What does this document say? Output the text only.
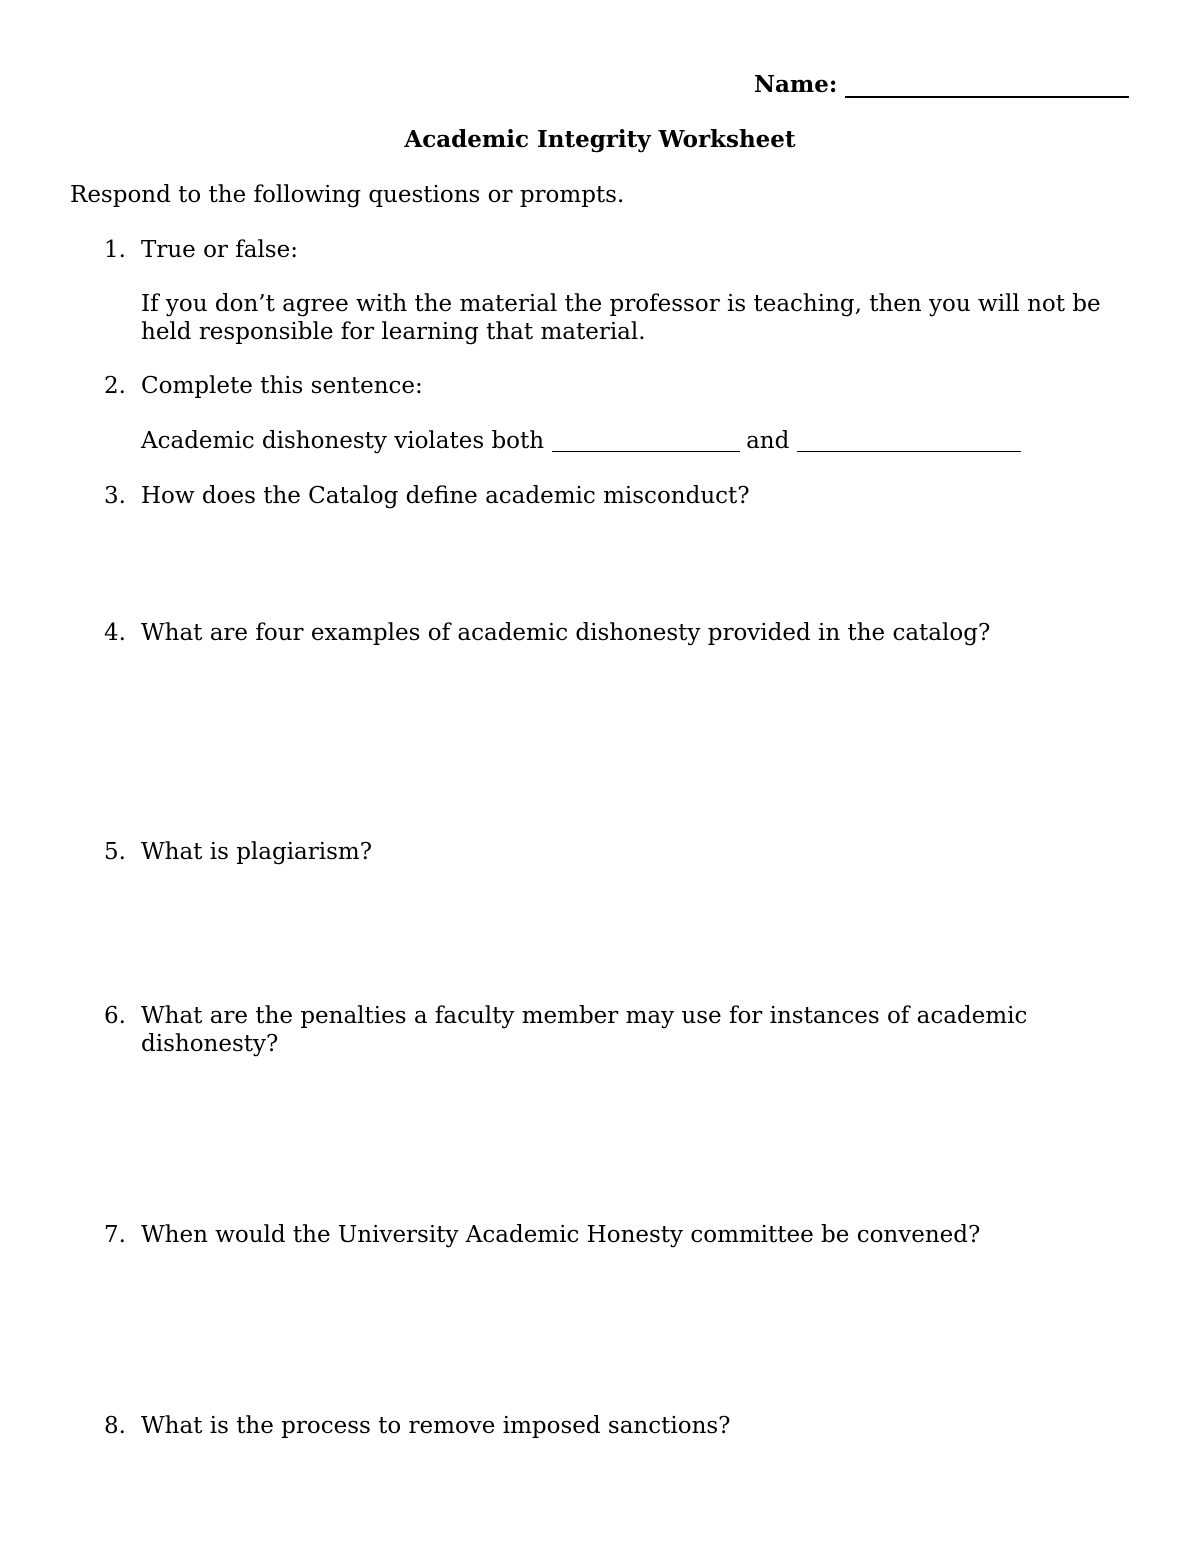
Name:
Academic Integrity Worksheet
Respond to the following questions or prompts.
1. True or false:
If you don’t agree with the material the professor is teaching, then you will not be held responsible for learning that material.
2. Complete this sentence:
Academic dishonesty violates both	and
3. How does the Catalog define academic misconduct?
4. What are four examples of academic dishonesty provided in the catalog?
5. What is plagiarism?
6. What are the penalties a faculty member may use for instances of academic dishonesty?
7. When would the University Academic Honesty committee be convened?
8. What is the process to remove imposed sanctions?
